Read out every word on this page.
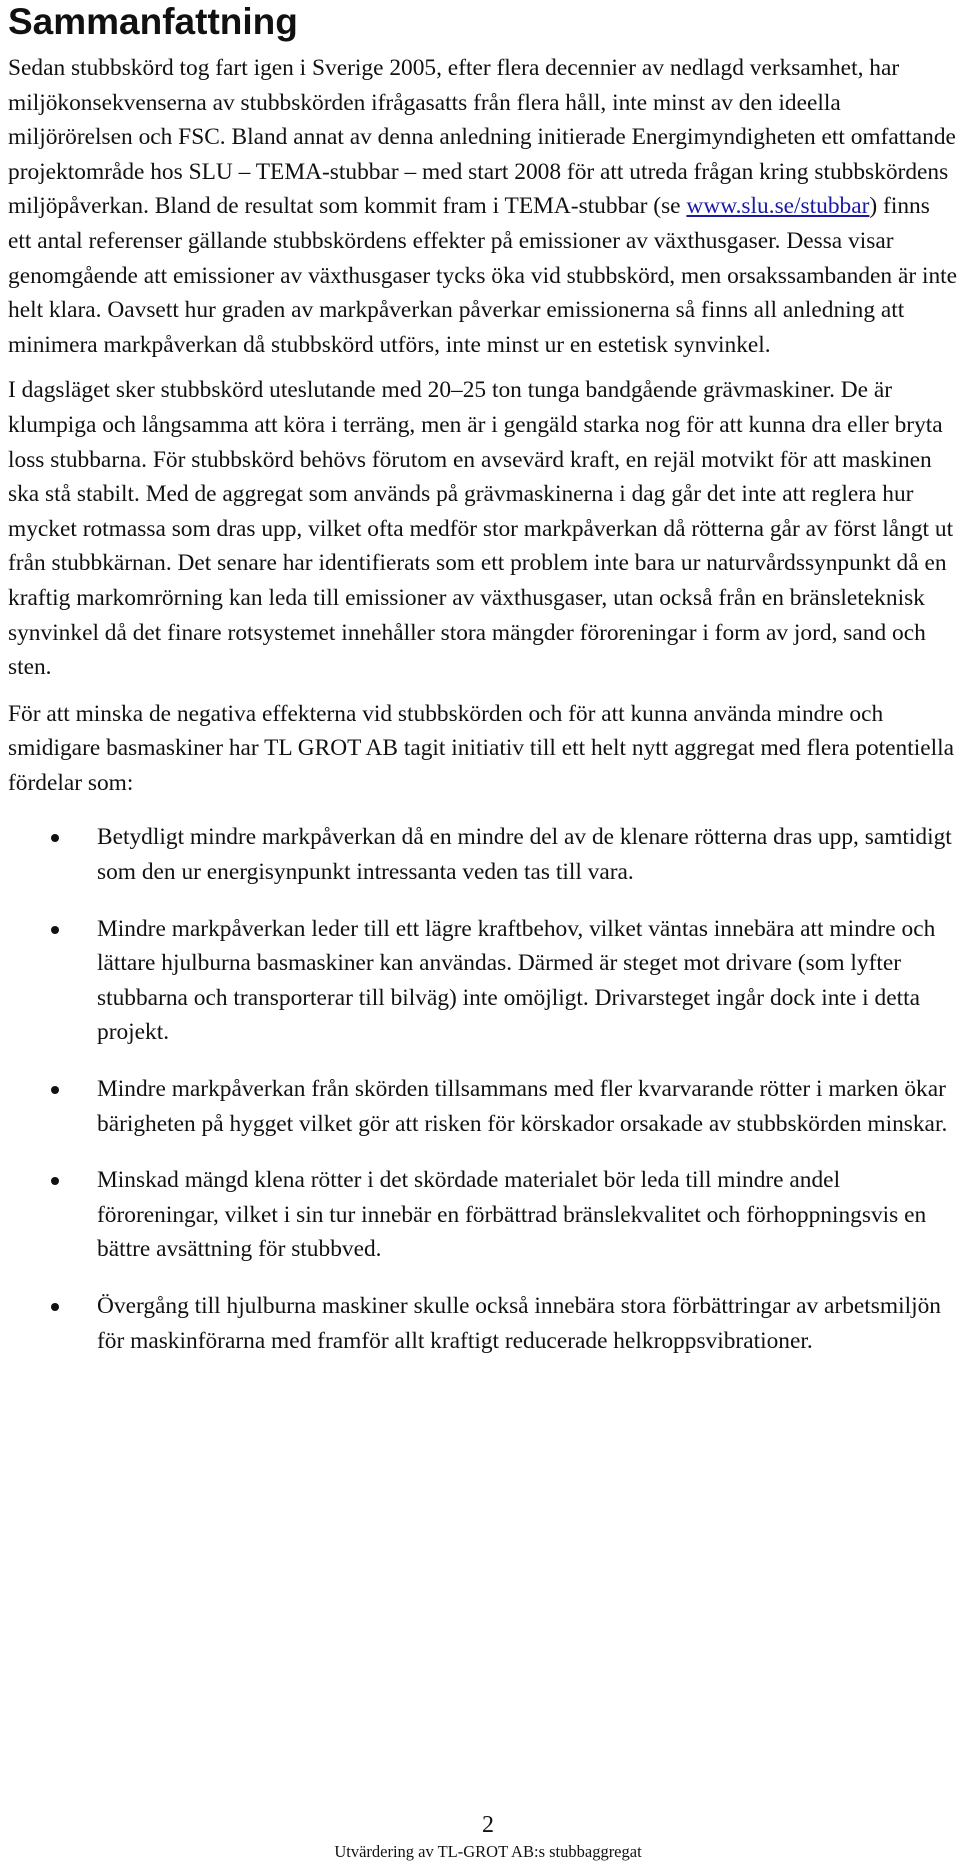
Sammanfattning

Sedan stubbskörd tog fart igen i Sverige 2005, efter flera decennier av nedlagd verksamhet, har miljökonsekvenserna av stubbskörden ifrågasatts från flera håll, inte minst av den ideella miljörörelsen och FSC. Bland annat av denna anledning initierade Energimyndigheten ett omfattande projektområde hos SLU – TEMA-stubbar – med start 2008 för att utreda frågan kring stubbskördens miljöpåverkan. Bland de resultat som kommit fram i TEMA-stubbar (se www.slu.se/stubbar) finns ett antal referenser gällande stubbskördens effekter på emissioner av växthusgaser. Dessa visar genomgående att emissioner av växthusgaser tycks öka vid stubbskörd, men orsakssambanden är inte helt klara. Oavsett hur graden av markpåverkan påverkar emissionerna så finns all anledning att minimera markpåverkan då stubbskörd utförs, inte minst ur en estetisk synvinkel.

I dagsläget sker stubbskörd uteslutande med 20–25 ton tunga bandgående grävmaskiner. De är klumpiga och långsamma att köra i terräng, men är i gengäld starka nog för att kunna dra eller bryta loss stubbarna. För stubbskörd behövs förutom en avsevärd kraft, en rejäl motvikt för att maskinen ska stå stabilt. Med de aggregat som används på grävmaskinerna i dag går det inte att reglera hur mycket rotmassa som dras upp, vilket ofta medför stor markpåverkan då rötterna går av först långt ut från stubbkärnan. Det senare har identifierats som ett problem inte bara ur naturvårdssynpunkt då en kraftig markomrörning kan leda till emissioner av växthusgaser, utan också från en bränsleteknisk synvinkel då det finare rotsystemet innehåller stora mängder föroreningar i form av jord, sand och sten.

För att minska de negativa effekterna vid stubbskörden och för att kunna använda mindre och smidigare basmaskiner har TL GROT AB tagit initiativ till ett helt nytt aggregat med flera potentiella fördelar som:

Betydligt mindre markpåverkan då en mindre del av de klenare rötterna dras upp, samtidigt som den ur energisynpunkt intressanta veden tas till vara.
Mindre markpåverkan leder till ett lägre kraftbehov, vilket väntas innebära att mindre och lättare hjulburna basmaskiner kan användas. Därmed är steget mot drivare (som lyfter stubbarna och transporterar till bilväg) inte omöjligt. Drivarsteget ingår dock inte i detta projekt.
Mindre markpåverkan från skörden tillsammans med fler kvarvarande rötter i marken ökar bärigheten på hygget vilket gör att risken för körskador orsakade av stubbskörden minskar.
Minskad mängd klena rötter i det skördade materialet bör leda till mindre andel föroreningar, vilket i sin tur innebär en förbättrad bränslekvalitet och förhoppningsvis en bättre avsättning för stubbved.
Övergång till hjulburna maskiner skulle också innebära stora förbättringar av arbetsmiljön för maskinförarna med framför allt kraftigt reducerade helkroppsvibrationer.
2
Utvärdering av TL-GROT AB:s stubbaggregat
